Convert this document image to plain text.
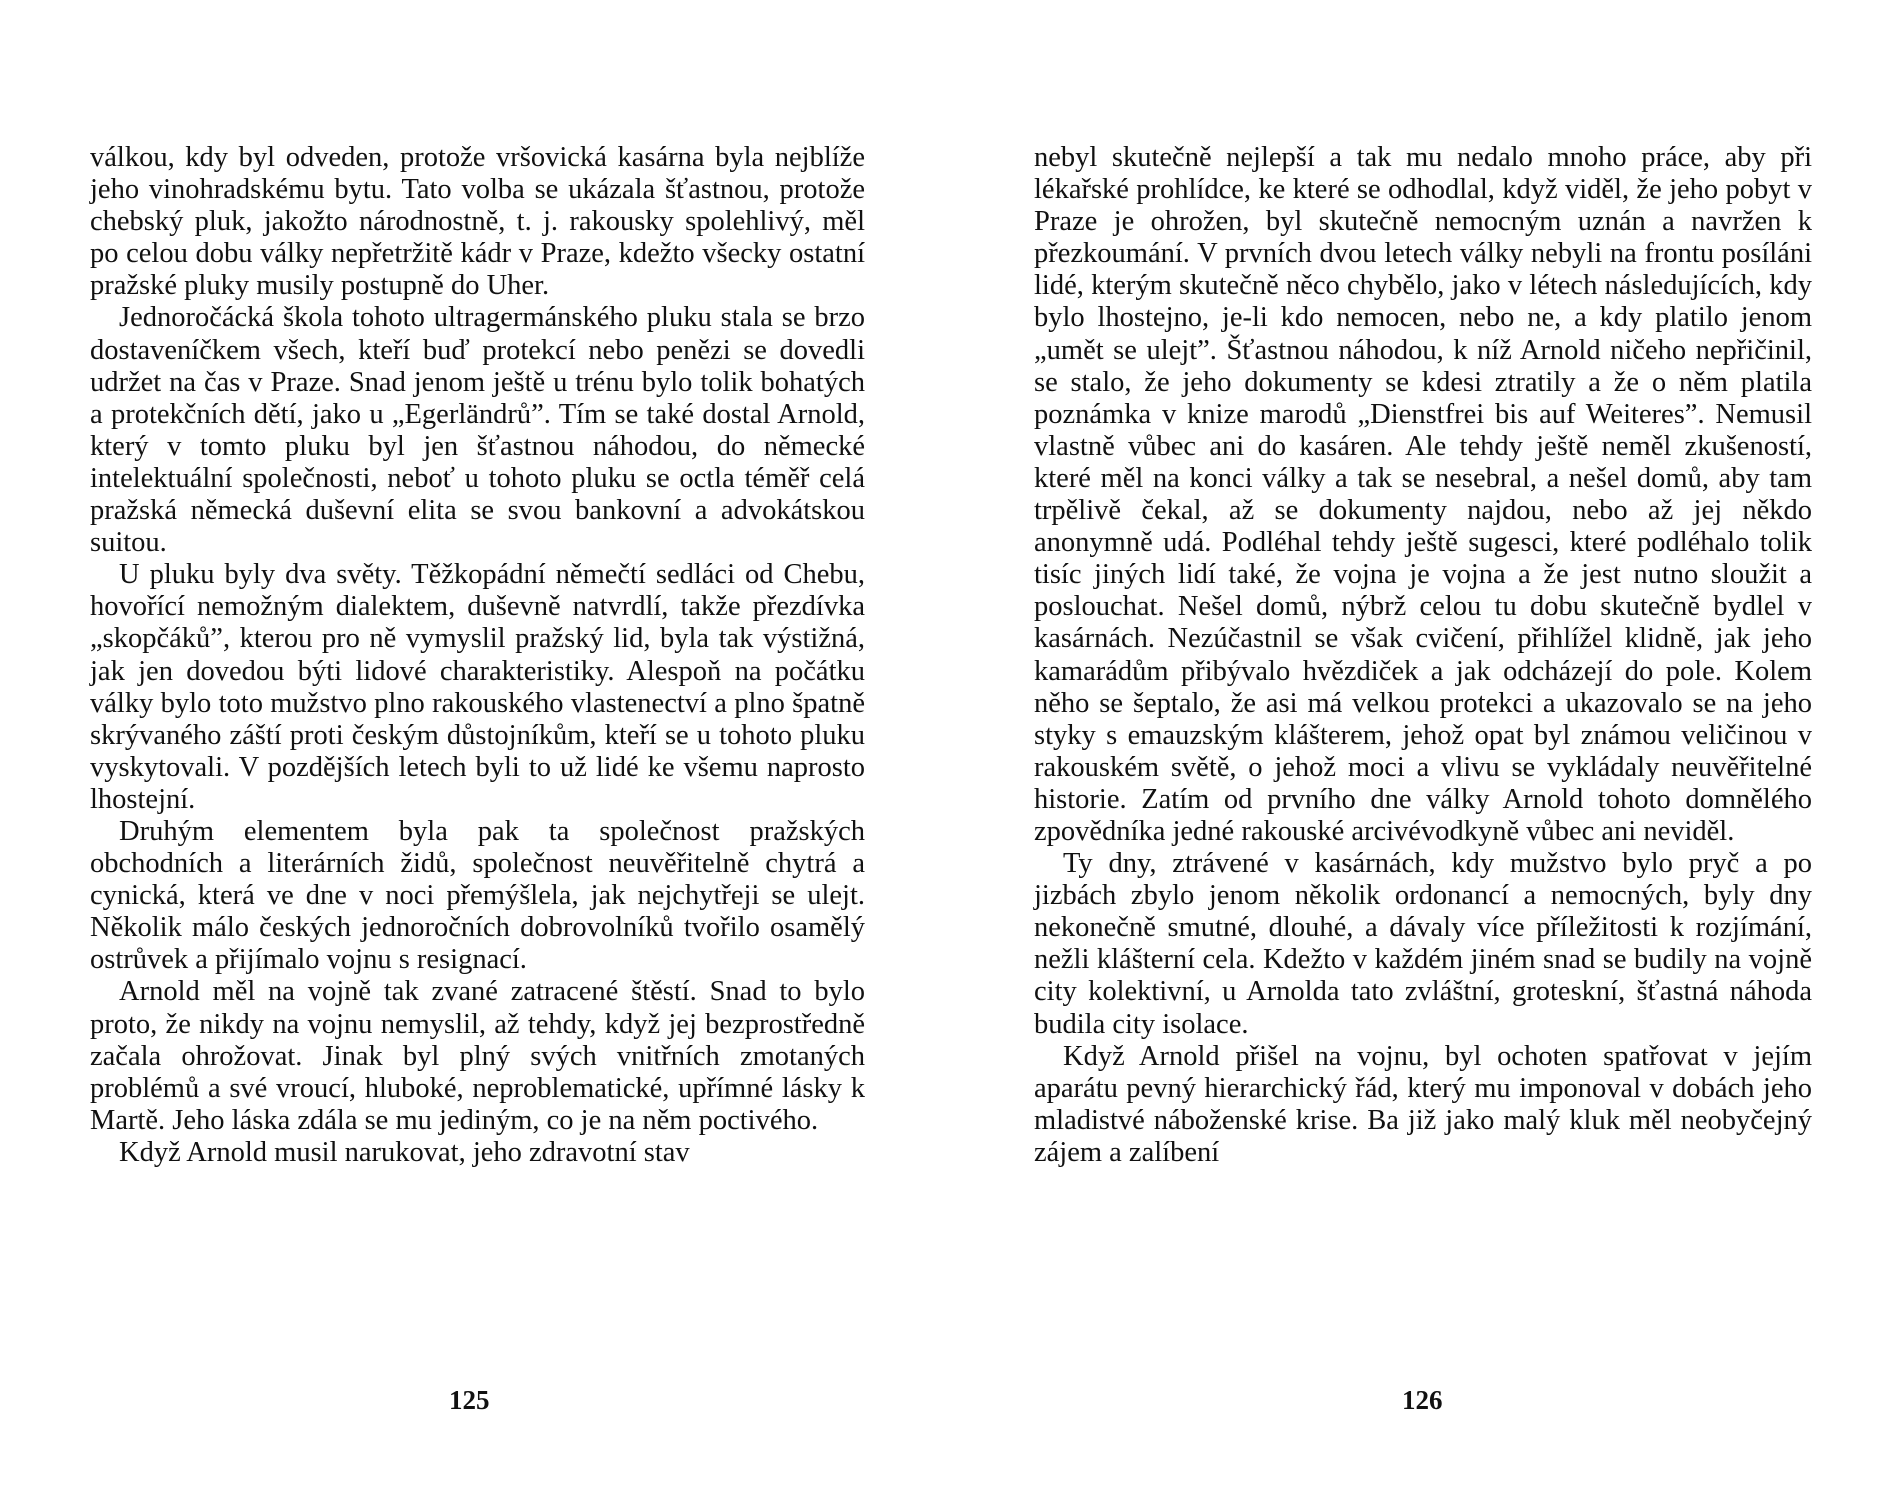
válkou, kdy byl odveden, protože vršovická kasárna byla nejblíže jeho vinohradskému bytu. Tato volba se ukázala šťastnou, protože chebský pluk, jakožto národnostně, t. j. rakousky spolehlivý, měl po celou dobu války nepřetržitě kádr v Praze, kdežto všecky ostatní pražské pluky musily postupně do Uher.

Jednoročácká škola tohoto ultragermánského pluku stala se brzo dostaveníčkem všech, kteří buď protekcí nebo penězi se dovedli udržet na čas v Praze. Snad jenom ještě u trénu bylo tolik bohatých a protekčních dětí, jako u „Egerländrů”. Tím se také dostal Arnold, který v tomto pluku byl jen šťastnou náhodou, do německé intelektuální společnosti, neboť u tohoto pluku se octla téměř celá pražská německá duševní elita se svou bankovní a advokátskou suitou.

U pluku byly dva světy. Těžkopádní němečtí sedláci od Chebu, hovořící nemožným dialektem, duševně natvrdlí, takže přezdívka „skopčáků”, kterou pro ně vymyslil pražský lid, byla tak výstižná, jak jen dovedou býti lidové charakteristiky. Alespoň na počátku války bylo toto mužstvo plno rakouského vlastenectví a plno špatně skrývaného záští proti českým důstojníkům, kteří se u tohoto pluku vyskytovali. V pozdějších letech byli to už lidé ke všemu naprosto lhostejní.

Druhým elementem byla pak ta společnost pražských obchodních a literárních židů, společnost neuvěřitelně chytrá a cynická, která ve dne v noci přemýšlela, jak nejchytřeji se ulejt. Několik málo českých jednoročních dobrovolníků tvořilo osamělý ostrůvek a přijímalo vojnu s resignací.

Arnold měl na vojně tak zvané zatracené štěstí. Snad to bylo proto, že nikdy na vojnu nemyslil, až tehdy, když jej bezprostředně začala ohrožovat. Jinak byl plný svých vnitřních zmotaných problémů a své vroucí, hluboké, neproblematické, upřímné lásky k Martě. Jeho láska zdála se mu jediným, co je na něm poctivého.

Když Arnold musil narukovat, jeho zdravotní stav

125

nebyl skutečně nejlepší a tak mu nedalo mnoho práce, aby při lékařské prohlídce, ke které se odhodlal, když viděl, že jeho pobyt v Praze je ohrožen, byl skutečně nemocným uznán a navržen k přezkoumání. V prvních dvou letech války nebyli na frontu posíláni lidé, kterým skutečně něco chybělo, jako v létech následujících, kdy bylo lhostejno, je-li kdo nemocen, nebo ne, a kdy platilo jenom „umět se ulejt”. Šťastnou náhodou, k níž Arnold ničeho nepřičinil, se stalo, že jeho dokumenty se kdesi ztratily a že o něm platila poznámka v knize marodů „Dienstfrei bis auf Weiteres”. Nemusil vlastně vůbec ani do kasáren. Ale tehdy ještě neměl zkušeností, které měl na konci války a tak se nesebral, a nešel domů, aby tam trpělivě čekal, až se dokumenty najdou, nebo až jej někdo anonymně udá. Podléhal tehdy ještě sugesci, které podléhalo tolik tisíc jiných lidí také, že vojna je vojna a že jest nutno sloužit a poslouchat. Nešel domů, nýbrž celou tu dobu skutečně bydlel v kasárnách. Nezúčastnil se však cvičení, přihlížel klidně, jak jeho kamarádům přibývalo hvězdiček a jak odcházejí do pole. Kolem něho se šeptalo, že asi má velkou protekci a ukazovalo se na jeho styky s emauzským klášterem, jehož opat byl známou veličinou v rakouském světě, o jehož moci a vlivu se vykládaly neuvěřitelné historie. Zatím od prvního dne války Arnold tohoto domnělého zpovědníka jedné rakouské arcivévodkyně vůbec ani neviděl.

Ty dny, ztrávené v kasárnách, kdy mužstvo bylo pryč a po jizbách zbylo jenom několik ordonancí a nemocných, byly dny nekonečně smutné, dlouhé, a dávaly více příležitosti k rozjímání, nežli klášterní cela. Kdežto v každém jiném snad se budily na vojně city kolektivní, u Arnolda tato zvláštní, groteskní, šťastná náhoda budila city isolace.

Když Arnold přišel na vojnu, byl ochoten spatřovat v jejím aparátu pevný hierarchický řád, který mu imponoval v dobách jeho mladistvé náboženské krise. Ba již jako malý kluk měl neobyčejný zájem a zalíbení

126
